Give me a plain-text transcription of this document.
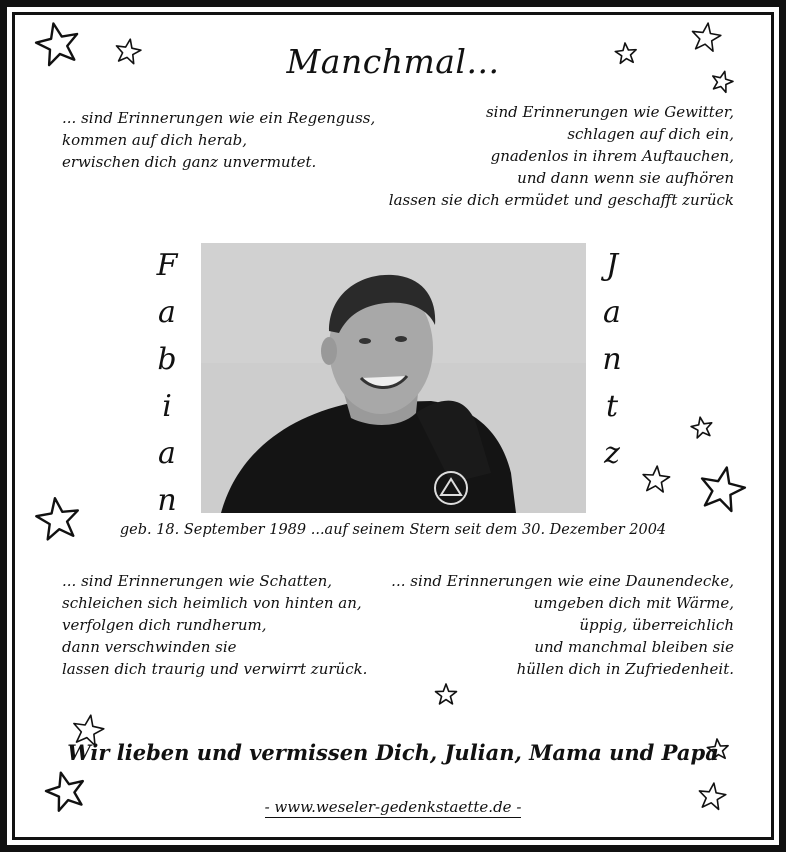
Manchmal...
... sind Erinnerungen wie ein Regenguss,
kommen auf dich herab,
erwischen dich ganz unvermutet.
sind Erinnerungen wie Gewitter,
schlagen auf dich ein,
gnadenlos in ihrem Auftauchen,
und dann wenn sie aufhören
lassen sie dich ermüdet und geschafft zurück
F
a
b
i
a
n
J
a
n
t
z
geb. 18. September 1989 ...auf seinem Stern seit dem 30. Dezember 2004
... sind Erinnerungen wie Schatten,
schleichen sich heimlich von hinten an,
verfolgen dich rundherum,
dann verschwinden sie
lassen dich traurig und verwirrt zurück.
... sind Erinnerungen wie eine Daunendecke,
umgeben dich mit Wärme,
üppig, überreichlich
und manchmal bleiben sie
hüllen dich in Zufriedenheit.
Wir lieben und vermissen Dich, Julian, Mama und Papa
- www.weseler-gedenkstaette.de -
